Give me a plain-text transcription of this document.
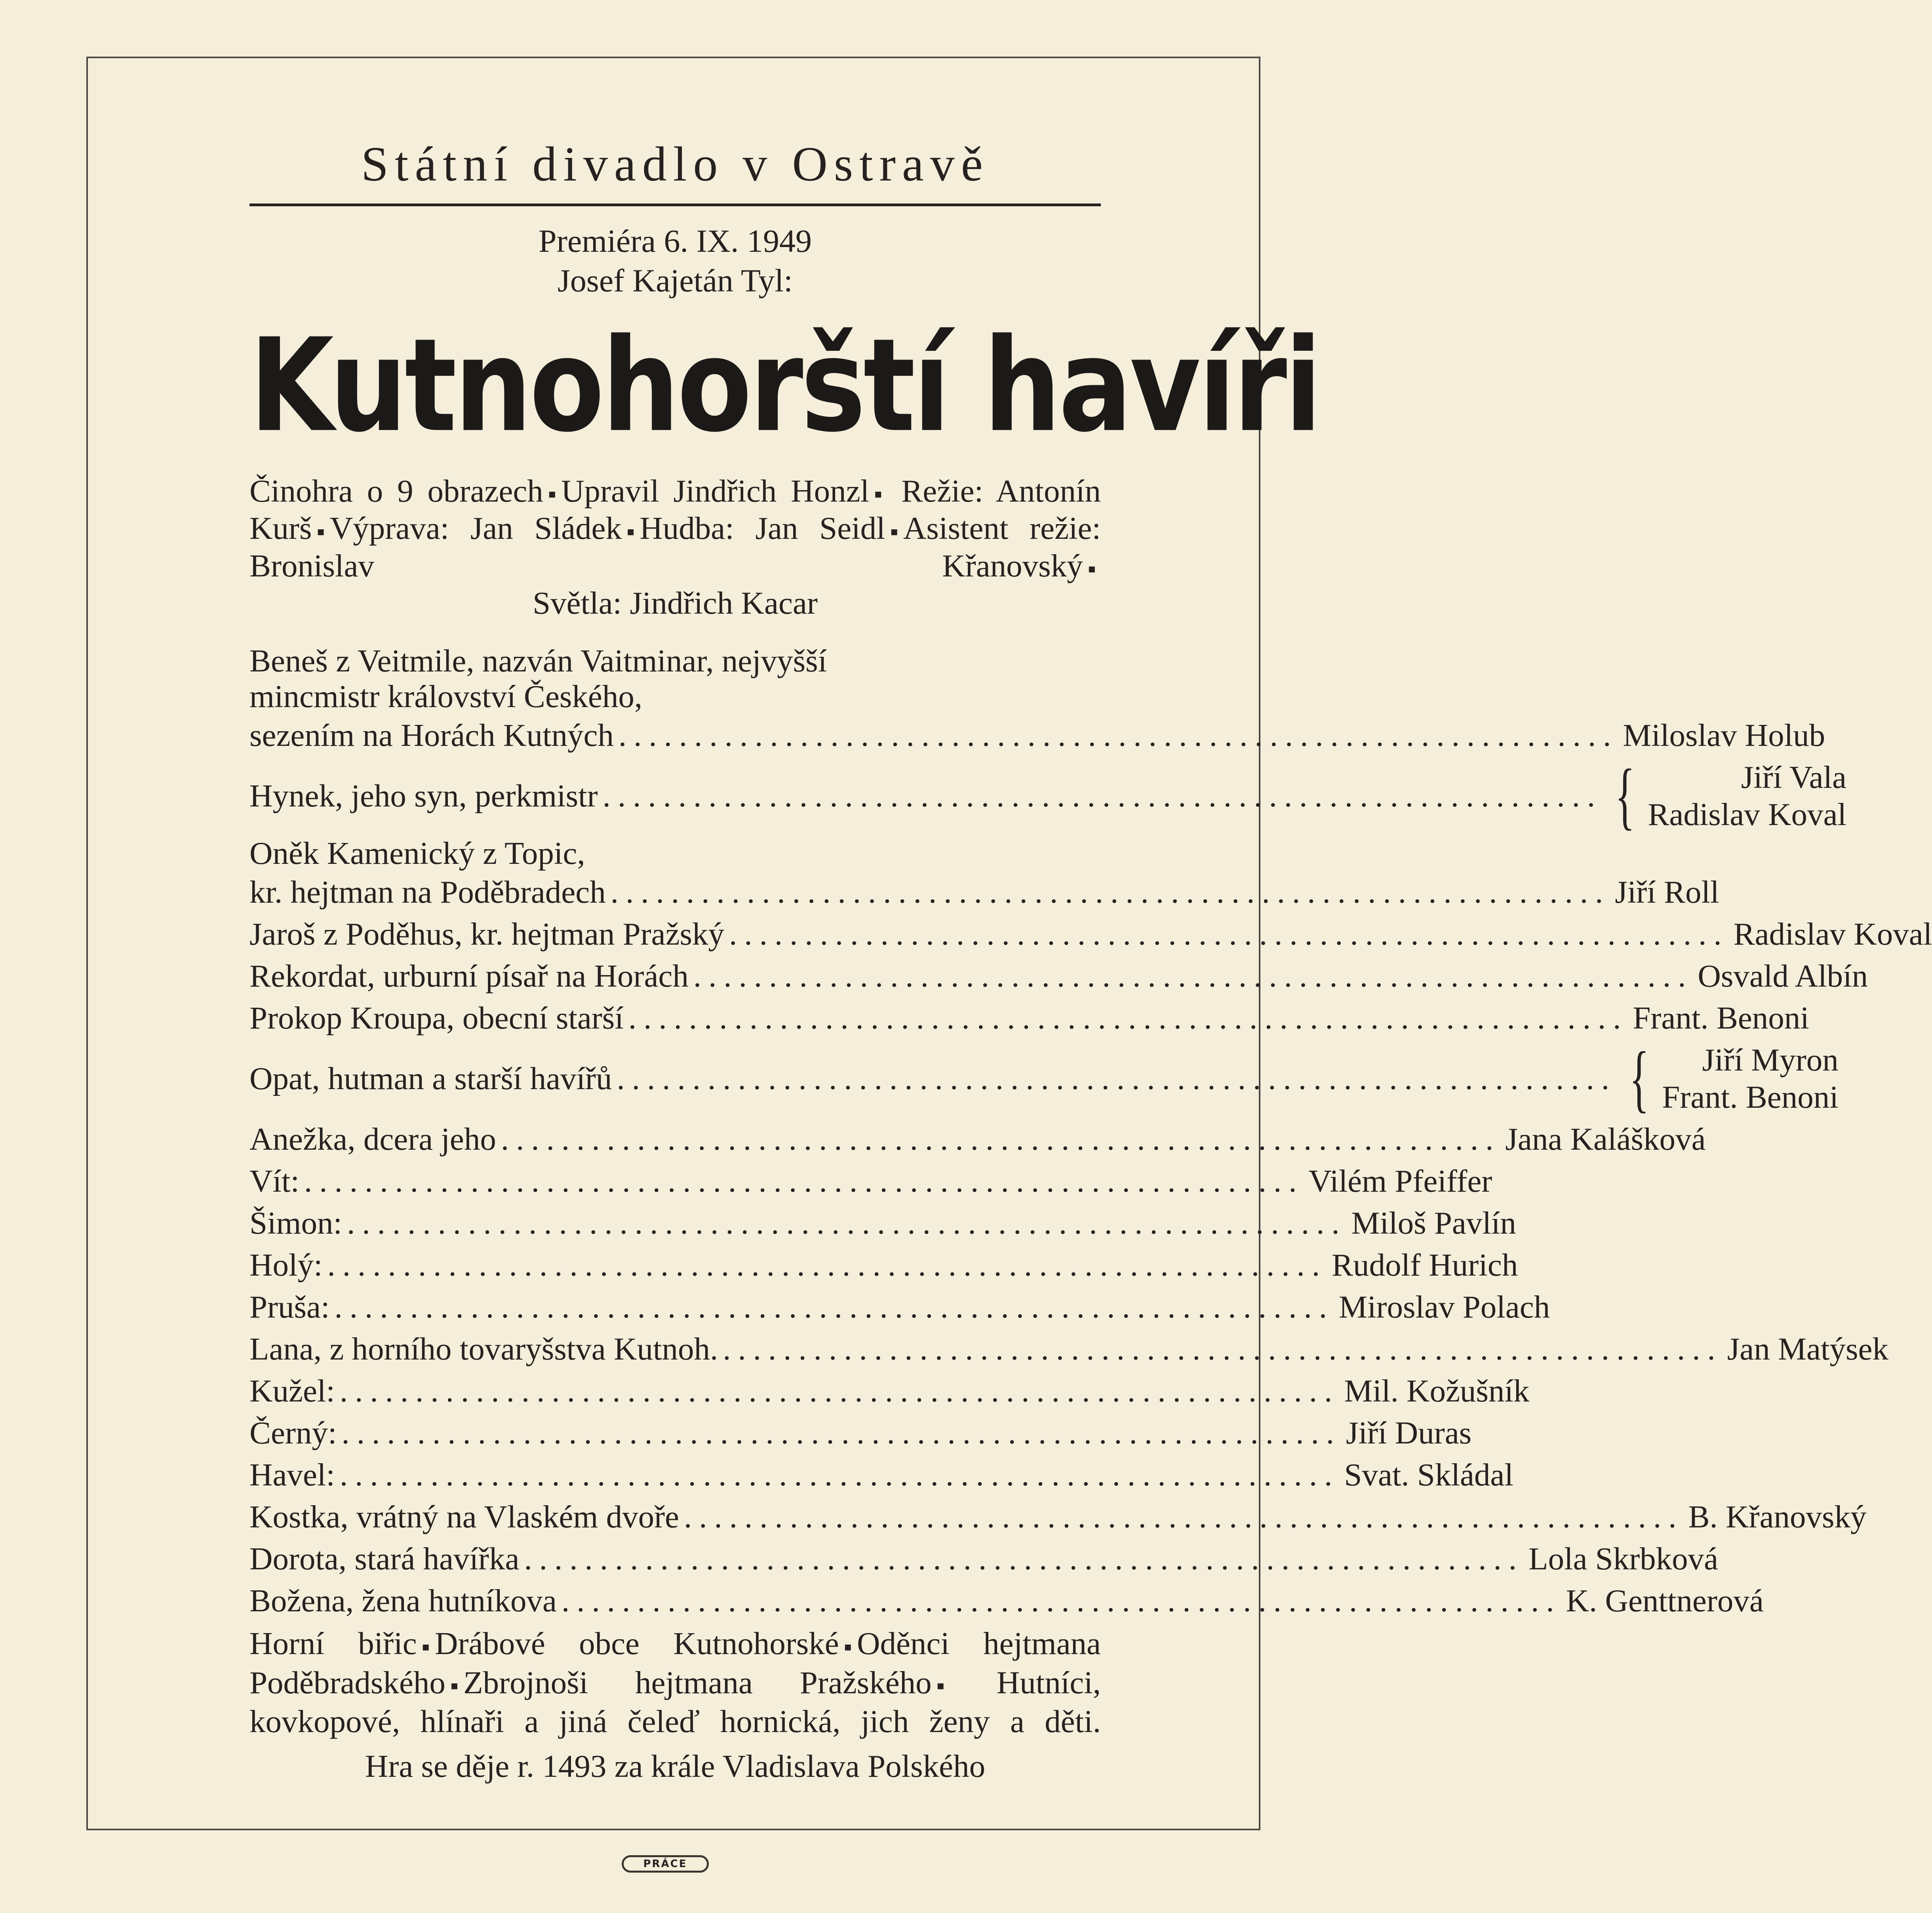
Státní divadlo v Ostravě
Premiéra 6. IX. 1949
Josef Kajetán Tyl:
Kutnohorští havíři
Činohra o 9 obrazech ▪ Upravil Jindřich Honzl ▪ Režie: Antonín Kurš ▪ Výprava: Jan Sládek ▪ Hudba: Jan Seidl ▪ Asistent režie: Bronislav Křanovský ▪
Světla: Jindřich Kacar
Beneš z Veitmile, nazván Vaitminar, nejvyšší
mincmistr království Českého,
sezením na Horách Kutných .................................................................. Miloslav Holub
Hynek, jeho syn, perkmistr .................................................................. {	Jiří Vala
Radislav Koval
Oněk Kamenický z Topic,
kr. hejtman na Poděbradech .................................................................. Jiří Roll
Jaroš z Poděhus, kr. hejtman Pražský .................................................................. Radislav Koval
Rekordat, urburní písař na Horách .................................................................. Osvald Albín
Prokop Kroupa, obecní starší .................................................................. Frant. Benoni
Opat, hutman a starší havířů .................................................................. {	Jiří Myron
Frant. Benoni
Anežka, dcera jeho .................................................................. Jana Kalášková
Vít: .................................................................. Vilém Pfeiffer
Šimon: .................................................................. Miloš Pavlín
Holý: .................................................................. Rudolf Hurich
Pruša: .................................................................. Miroslav Polach
Lana, z horního tovaryšstva Kutnoh. .................................................................. Jan Matýsek
Kužel: .................................................................. Mil. Kožušník
Černý: .................................................................. Jiří Duras
Havel: .................................................................. Svat. Skládal
Kostka, vrátný na Vlaském dvoře .................................................................. B. Křanovský
Dorota, stará havířka .................................................................. Lola Skrbková
Božena, žena hutníkova .................................................................. K. Genttnerová
Horní biřic ▪ Drábové obce Kutnohorské ▪ Oděnci hejtmana Poděbradského ▪ Zbrojnoši hejtmana Pražského ▪ Hutníci, kovkopové, hlínaři a jiná čeleď hornická, jich ženy a děti.
Hra se děje r. 1493 za krále Vladislava Polského
PRÁCE
